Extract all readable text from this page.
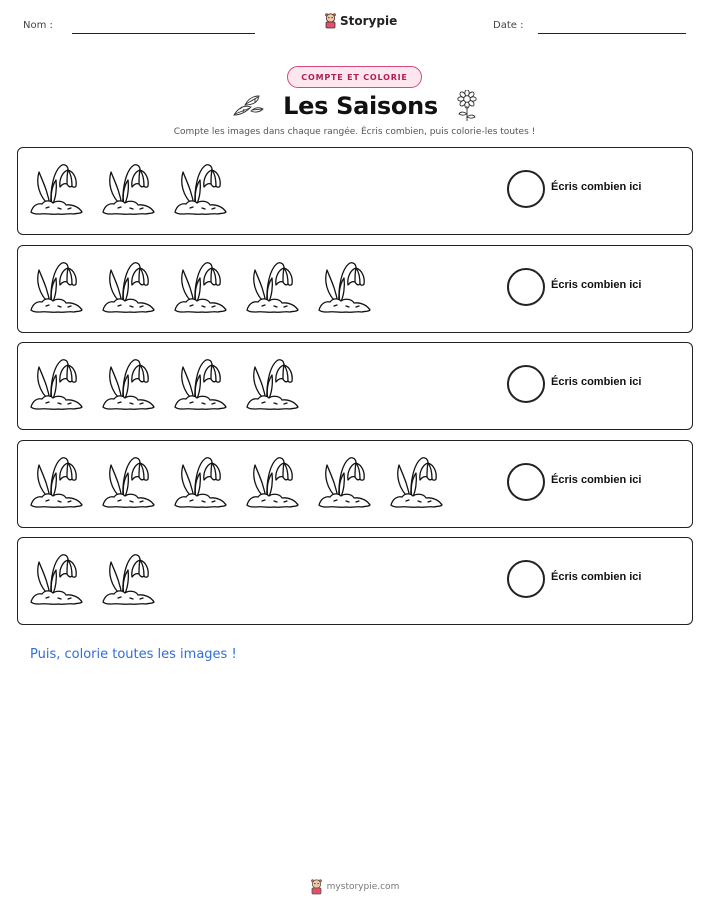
Nom :	Storypie	Date :
COMPTE ET COLORIE
Les Saisons
Compte les images dans chaque rangée. Écris combien, puis colorie-les toutes !
Écris combien ici
Écris combien ici
Écris combien ici
Écris combien ici
Écris combien ici
Puis, colorie toutes les images !
mystorypie.com
